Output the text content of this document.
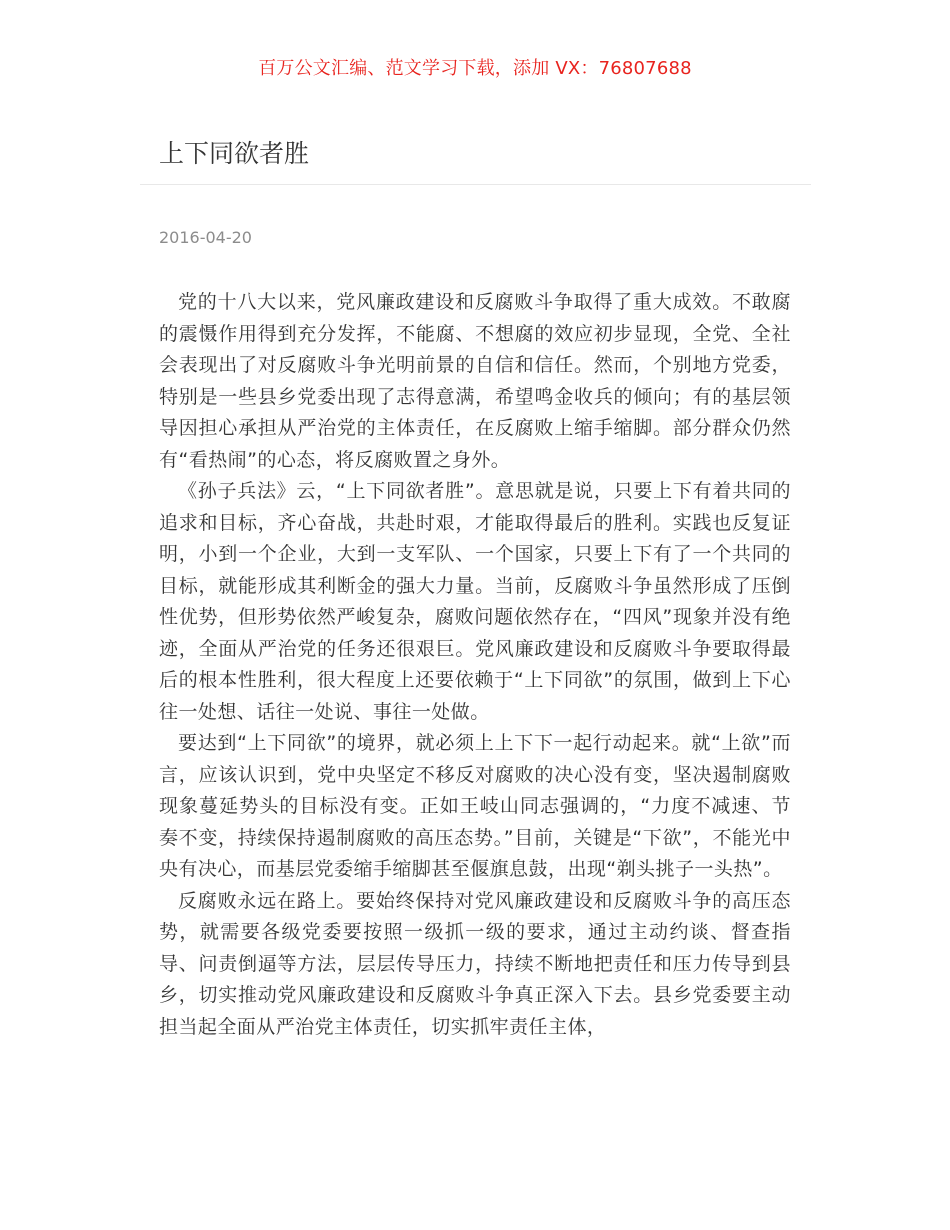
百万公文汇编、范文学习下载，添加 VX：76807688
上下同欲者胜
2016-04-20

党的十八大以来，党风廉政建设和反腐败斗争取得了重大成效。不敢腐的震慑作用得到充分发挥，不能腐、不想腐的效应初步显现，全党、全社会表现出了对反腐败斗争光明前景的自信和信任。然而，个别地方党委，特别是一些县乡党委出现了志得意满，希望鸣金收兵的倾向；有的基层领导因担心承担从严治党的主体责任，在反腐败上缩手缩脚。部分群众仍然有“看热闹”的心态，将反腐败置之身外。

《孙子兵法》云，“上下同欲者胜”。意思就是说，只要上下有着共同的追求和目标，齐心奋战，共赴时艰，才能取得最后的胜利。实践也反复证明，小到一个企业，大到一支军队、一个国家，只要上下有了一个共同的目标，就能形成其利断金的强大力量。当前，反腐败斗争虽然形成了压倒性优势，但形势依然严峻复杂，腐败问题依然存在，“四风”现象并没有绝迹，全面从严治党的任务还很艰巨。党风廉政建设和反腐败斗争要取得最后的根本性胜利，很大程度上还要依赖于“上下同欲”的氛围，做到上下心往一处想、话往一处说、事往一处做。

要达到“上下同欲”的境界，就必须上上下下一起行动起来。就“上欲”而言，应该认识到，党中央坚定不移反对腐败的决心没有变，坚决遏制腐败现象蔓延势头的目标没有变。正如王岐山同志强调的，“力度不减速、节奏不变，持续保持遏制腐败的高压态势。”目前，关键是“下欲”，不能光中央有决心，而基层党委缩手缩脚甚至偃旗息鼓，出现“剃头挑子一头热”。

反腐败永远在路上。要始终保持对党风廉政建设和反腐败斗争的高压态势，就需要各级党委要按照一级抓一级的要求，通过主动约谈、督查指导、问责倒逼等方法，层层传导压力，持续不断地把责任和压力传导到县乡，切实推动党风廉政建设和反腐败斗争真正深入下去。县乡党委要主动担当起全面从严治党主体责任，切实抓牢责任主体，
